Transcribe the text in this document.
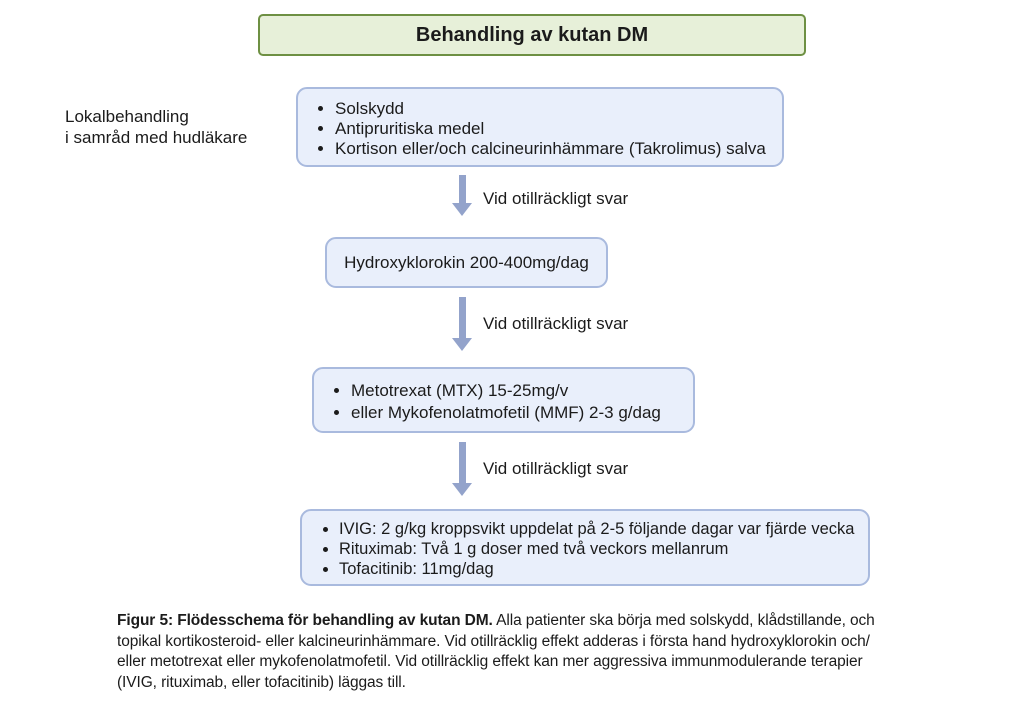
Behandling av kutan DM
Lokalbehandling
i samråd med hudläkare
• Solskydd
• Antipruritiska medel
• Kortison eller/och calcineurinhämmare (Takrolimus) salva
Vid otillräckligt svar
Hydroxyklorokin 200-400mg/dag
Vid otillräckligt svar
• Metotrexat (MTX) 15-25mg/v
• eller Mykofenolatmofetil (MMF) 2-3 g/dag
Vid otillräckligt svar
• IVIG: 2 g/kg kroppsvikt uppdelat på 2-5 följande dagar var fjärde vecka
• Rituximab: Två 1 g doser med två veckors mellanrum
• Tofacitinib: 11mg/dag
Figur 5: Flödesschema för behandling av kutan DM. Alla patienter ska börja med solskydd, klådstillande, och
topikal kortikosteroid- eller kalcineurinhämmare. Vid otillräcklig effekt adderas i första hand hydroxyklorokin och/
eller metotrexat eller mykofenolatmofetil. Vid otillräcklig effekt kan mer aggressiva immunmodulerande terapier
(IVIG, rituximab, eller tofacitinib) läggas till.
